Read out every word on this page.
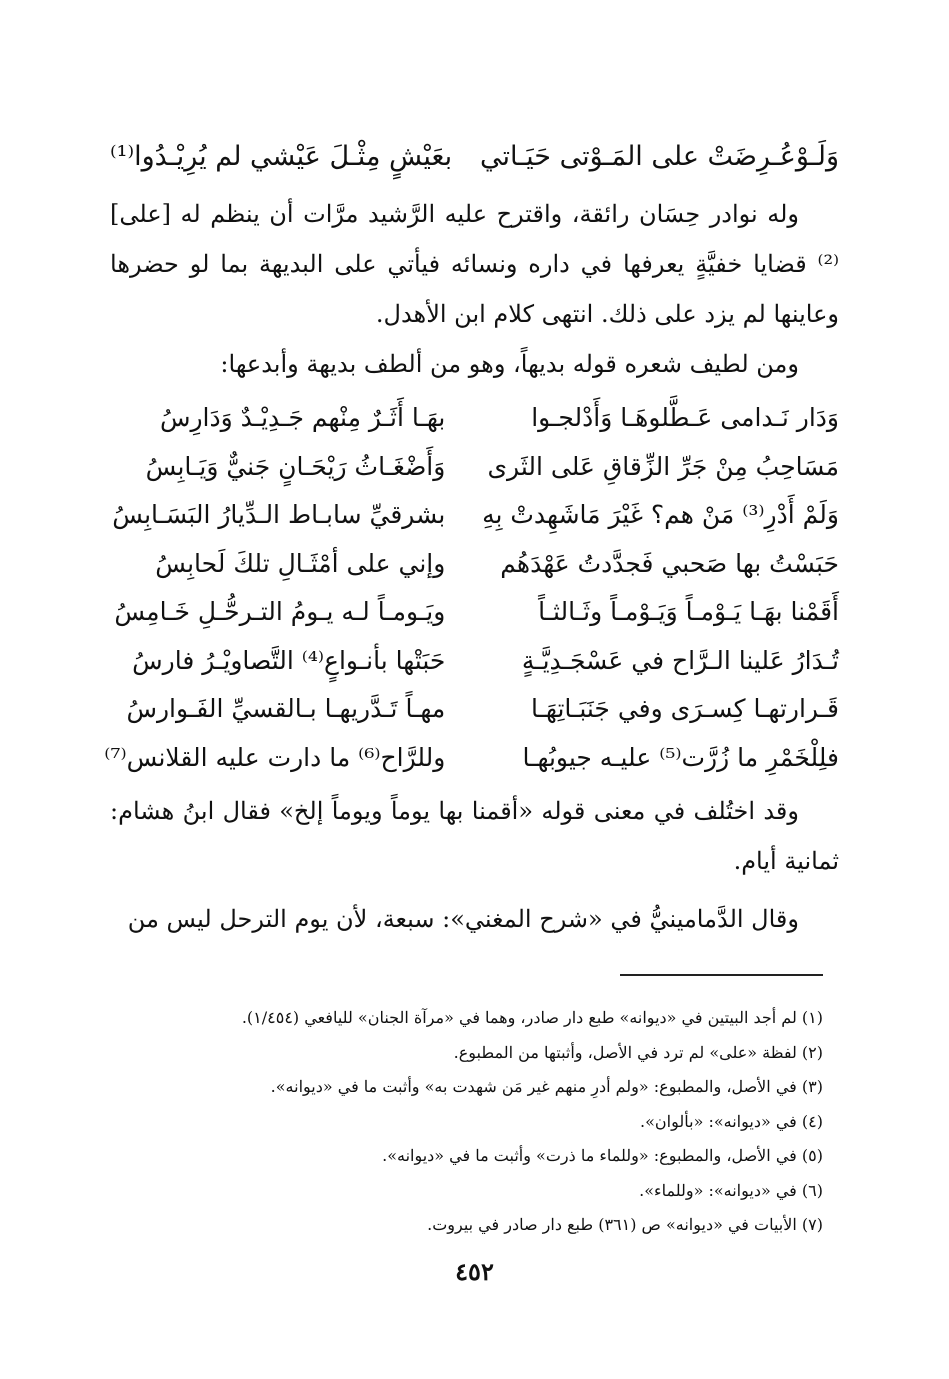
وَلَـوْعُـرِضَتْ على المَـوْتى حَيَـاتي
بعَيْشٍ مِثْـلَ عَيْشي لم يُرِيْـدُوا⁽¹⁾

وله نوادر حِسَان رائقة، واقترح عليه الرَّشيد مرَّات أن ينظم له [على]⁽²⁾ قضايا خفيَّةٍ يعرفها في داره ونسائه فيأتي على البديهة بما لو حضرها وعاينها لم يزد على ذلك. انتهى كلام ابن الأهدل.

ومن لطيف شعره قوله بديهاً، وهو من ألطف بديهة وأبدعها:

وَدَار نَـدامى عَـطَّلوهَـا وَأَدْلجـوا
بهَـا أَثَـرٌ مِنْهم جَـدِيْـدٌ وَدَارِسُ
مَسَاحِبُ مِنْ جَرِّ الزِّقاقِ عَلى الثَرى
وَأَضْغَـاثُ رَيْحَـانٍ جَنيٌّ وَيَـابِسُ
وَلَمْ أَدْرِ⁽³⁾ مَنْ هم؟ غَيْرَ مَاشَهِدتْ بِهِ
بشرقيِّ سابـاط الـدِّيارُ البَسَـابِسُ
حَبَسْتُ بها صَحبي فَجدَّدتُ عَهْدَهُم
وإني على أمْثَـالِ تلكَ لَحابِسُ
أَقَمْنا بهَـا يَـوْمـاً وَيَـوْمـاً وثَـالثـاً
ويَـومـاً لـه يـومُ التـرحُّـلِ خَـامِسُ
تُـدَارُ عَلينا الـرَّاح في عَسْجَـدِيَّـةٍ
حَبَتْها بأنـواعٍ⁽⁴⁾ التَّصاويْـرُ فارسُ
قَـرارتهـا كِسـرَى وفي جَنَبَـاتِهَـا
مهـاً تَـدَّريهـا بـالقسيِّ الفَـوارسُ
فلِلْخَمْرِ ما زُرَّت⁽⁵⁾ عليـه جيوبُهـا
وللرَّاح⁽⁶⁾ ما دارت عليه القلانس⁽⁷⁾

وقد اختُلف في معنى قوله «أقمنا بها يوماً ويوماً إلخ» فقال ابنُ هشام: ثمانية أيام.

وقال الدَّمامينيُّ في «شرح المغني»: سبعة، لأن يوم الترحل ليس من

(١) لم أجد البيتين في «ديوانه» طبع دار صادر، وهما في «مرآة الجنان» لليافعي (١/٤٥٤).
(٢) لفظة «على» لم ترد في الأصل، وأثبتها من المطبوع.
(٣) في الأصل، والمطبوع: «ولم أدرِ منهم غير مَن شهدت به» وأثبت ما في «ديوانه».
(٤) في «ديوانه»: «بألوان».
(٥) في الأصل، والمطبوع: «وللماء ما ذرت» وأثبت ما في «ديوانه».
(٦) في «ديوانه»: «وللماء».
(٧) الأبيات في «ديوانه» ص (٣٦١) طبع دار صادر في بيروت.
٤٥٢
